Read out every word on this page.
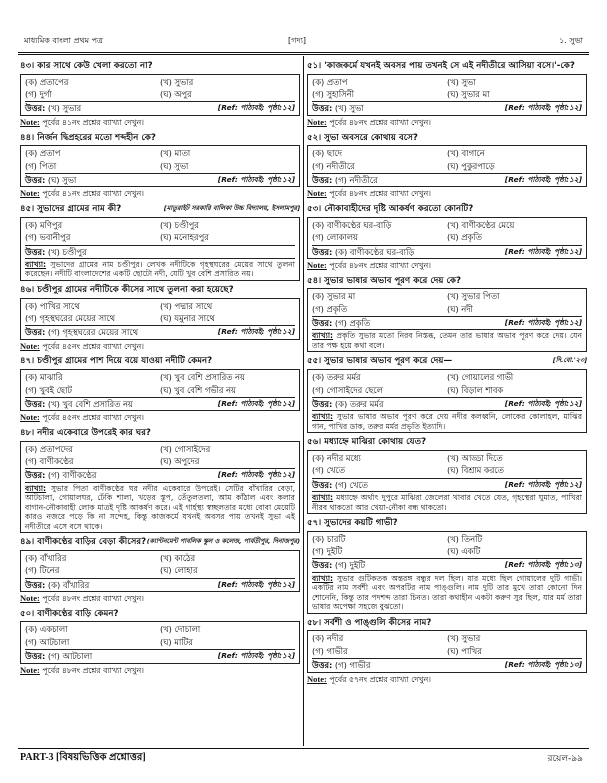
মাধ্যমিক বাংলা প্রথম পত্র	[গদ্য]	১. সুভা
৪৩। কার সাথে কেউ খেলা করতো না?
(ক) প্রতাপের	(খ) সুভার
(গ) দুর্গা	(ঘ) অপুর
উত্তর: (খ) সুভার	[Ref: পাঠ্যবই: পৃষ্ঠা:১২]
Note: পূর্বের ৪১নং প্রশ্নের ব্যাখ্যা দেখুন।
৪৪। নির্জন দ্বিপ্রহরের মতো শব্দহীন কে?
(ক) প্রতাপ	(খ) মাতা
(গ) পিতা	(ঘ) সুভা
উত্তর: (ঘ) সুভা	[Ref: পাঠ্যবই: পৃষ্ঠা:১২]
Note: পূর্বের ৪১নং প্রশ্নের ব্যাখ্যা দেখুন।
৪৫। সুভাদের গ্রামের নাম কী?	[মাতুরাইট সরকারি বালিকা উচ্চ বিদ্যালয়, ইসলামপুর]
(ক) মণিপুর	(খ) চণ্ডীপুর
(গ) ভবানীপুর	(ঘ) মনোহরপুর
উত্তর: (খ) চণ্ডীপুর
ব্যাখ্যা: সুভাদের গ্রামের নাম চণ্ডীপুর। লেখক নদীটিকে গৃহস্থঘরের মেয়ের সাথে তুলনা করেছেন। নদীটি বাংলাদেশের একটি ছোটো নদী, যেটি খুব বেশি প্রসারিত নয়।
৪৬। চণ্ডীপুর গ্রামের নদীটিকে কীসের সাথে তুলনা করা হয়েছে?
(ক) পাখির সাথে	(খ) পদ্মার সাথে
(গ) গৃহস্থঘরের মেয়ের সাথে	(ঘ) যমুনার সাথে
উত্তর: (গ) গৃহস্থঘরের মেয়ের সাথে	[Ref: পাঠ্যবই: পৃষ্ঠা:১২]
Note: পূর্বের ৪৫নং প্রশ্নের ব্যাখ্যা দেখুন।
৪৭। চণ্ডীপুর গ্রামের পাশ দিয়ে বয়ে যাওয়া নদীটি কেমন?
(ক) মাঝারি	(খ) খুব বেশি প্রসারিত নয়
(গ) খুবই ছোট	(ঘ) খুব বেশি গভীর নয়
উত্তর: (খ) খুব বেশি প্রসারিত নয়	[Ref: পাঠ্যবই: পৃষ্ঠা:১২]
Note: পূর্বের ৪৫নং প্রশ্নের ব্যাখ্যা দেখুন।
৪৮। নদীর একেবারে উপরেই কার ঘর?
(ক) প্রতাপদের	(খ) গোসাইদের
(গ) বাণীকণ্ঠের	(ঘ) অপুদের
উত্তর: (গ) বাণীকণ্ঠের	[Ref: পাঠ্যবই: পৃষ্ঠা:১২]
ব্যাখ্যা: সুভার পিতা বাণীকণ্ঠের ঘর নদীর একেবারে উপরেই। সেটির বাঁখারির বেড়া, আটচালা, গোয়ালঘর, ঢেঁকি শালা, খড়ের স্তূপ, তেঁতুলতলা, আম কাঁঠাল এবং কলার বাগান-নৌকাবাহী লোক মাত্রই দৃষ্টি আকর্ষণ করে। এই গার্হস্থ্য স্বচ্ছলতার মধ্যে বোবা মেয়েটি কারও নজরে পড়ে কি না সন্দেহ, কিন্তু কাজকর্মে যখনই অবসর পায় তখনই সুভা এই নদীতীরে এসে বসে থাকে।
৪৯। বাণীকণ্ঠের বাড়ির বেড়া কীসের? (ক্যান্টনমেন্ট পাবলিক স্কুল ও কলেজ, পার্বতীপুর, দিনাজপুর)
(ক) বাঁখারির	(খ) কাঠের
(গ) টিনের	(ঘ) লোহার
উত্তর: (ক) বাঁখারির	[Ref: পাঠ্যবই: পৃষ্ঠা:১২]
Note: পূর্বের ৪৮নং প্রশ্নের ব্যাখ্যা দেখুন।
৫০। বাণীকণ্ঠের বাড়ি কেমন?
(ক) একচালা	(খ) দোচালা
(গ) আটচালা	(ঘ) মাটির
উত্তর: (গ) আটচালা	[Ref: পাঠ্যবই: পৃষ্ঠা:১২]
Note: পূর্বের ৪৮নং প্রশ্নের ব্যাখ্যা দেখুন।
৫১। 'কাজকর্মে যখনই অবসর পায় তখনই সে এই নদীতীরে আসিয়া বসে।'-কে?
(ক) প্রতাপ	(খ) সুভা
(গ) সুহাসিনী	(ঘ) সুভার মা
উত্তর: (খ) সুভা	[Ref: পাঠ্যবই: পৃষ্ঠা:১২]
Note: পূর্বের ৪৮নং প্রশ্নের ব্যাখ্যা দেখুন।
৫২। সুভা অবসরে কোথায় বসে?
(ক) ছাদে	(খ) বাগানে
(গ) নদীতীরে	(ঘ) পুকুরপাড়ে
উত্তর: (গ) নদীতীরে	[Ref: পাঠ্যবই: পৃষ্ঠা:১২]
Note: পূর্বের ৪৮নং প্রশ্নের ব্যাখ্যা দেখুন।
৫৩। নৌকাবাহীদের দৃষ্টি আকর্ষণ করতো কোনটি?
(ক) বাণীকণ্ঠের ঘর-বাড়ি	(খ) বাণীকণ্ঠের মেয়ে
(গ) লোকালয়	(ঘ) প্রকৃতি
উত্তর: (ক) বাণীকণ্ঠের ঘর-বাড়ি	[Ref: পাঠ্যবই: পৃষ্ঠা:১২]
Note: পূর্বের ৪৮নং প্রশ্নের ব্যাখ্যা দেখুন।
৫৪। সুভার ভাষার অভাব পূরণ করে দেয় কে?
(ক) সুভার মা	(খ) সুভার পিতা
(গ) প্রকৃতি	(ঘ) নদী
উত্তর: (গ) প্রকৃতি	[Ref: পাঠ্যবই: পৃষ্ঠা:১২]
ব্যাখ্যা: প্রকৃতি সুভার মতো নিরব নিস্তব্ধ, তেমন তার ভাষার অভাব পূরণ করে দেয়। যেন তার পক্ষ হয়ে কথা বলে।
৫৫। সুভার ভাষার অভাব পূরণ করে দেয়—	[দি.বো.'২৩]
(ক) তরুর মর্মর	(খ) গোয়ালের গাভী
(গ) গোসাইদের ছেলে	(ঘ) বিড়াল শাবক
উত্তর: (ক) তরুর মর্মর	[Ref: পাঠ্যবই: পৃষ্ঠা:১২]
ব্যাখ্যা: সুভার ভাষার অভাব পূরণ করে দেয় নদীর কলধ্বনি, লোকের কোলাহল, মাঝির গান, পাখির ডাক, তরুর মর্মর প্রভৃতি ইত্যাদি।
৫৬। মধ্যাহ্নে মাঝিরা কোথায় যেত?
(ক) নদীর মধ্যে	(খ) আড্ডা দিতে
(গ) খেতে	(ঘ) বিশ্রাম করতে
উত্তর: (গ) খেতে	[Ref: পাঠ্যবই: পৃষ্ঠা:১২]
ব্যাখ্যা: মধ্যাহ্নে অর্থাৎ দুপুরে মাঝিরা জেলেরা খাবার খেতে যেত, গৃহস্থেরা ঘুমাত, পাখিরা নীরব থাকতো আর খেয়া-নৌকা বন্ধ থাকতো।
৫৭। সুভাদের কয়টি গাভী?
(ক) চারটি	(খ) তিনটি
(গ) দুইটি	(ঘ) একটি
উত্তর: (গ) দুইটি	[Ref: পাঠ্যবই: পৃষ্ঠা:১৩]
ব্যাখ্যা: সুভার গুটিকতক অন্তরঙ্গ বন্ধুর দল ছিল। যার মধ্যে ছিল গোয়ালের দুটি গাভী। একটির নাম সর্বশী এবং অপরটির নাম পাঙ্গুলি। নাম দুটি তার মুখে তারা কোনো দিন শোনেনি, কিন্তু তার পদশব্দ তারা চিনত। তারা কথাহীন একটা করুণ সুর ছিল, যার মর্ম তারা ভাষার অপেক্ষা সহজে বুঝতো।
৫৮। সর্বশী ও পাঙ্গুলি কীসের নাম?
(ক) নদীর	(খ) সুভার
(গ) গাভীর	(ঘ) পাখির
উত্তর: (গ) গাভীর	[Ref: পাঠ্যবই: পৃষ্ঠা:১৩]
Note: পূর্বের ৫৭নং প্রশ্নের ব্যাখ্যা দেখুন।
PART-3 [বিষয়ভিত্তিক প্রশ্নোত্তর]	রয়েল-৯৯
